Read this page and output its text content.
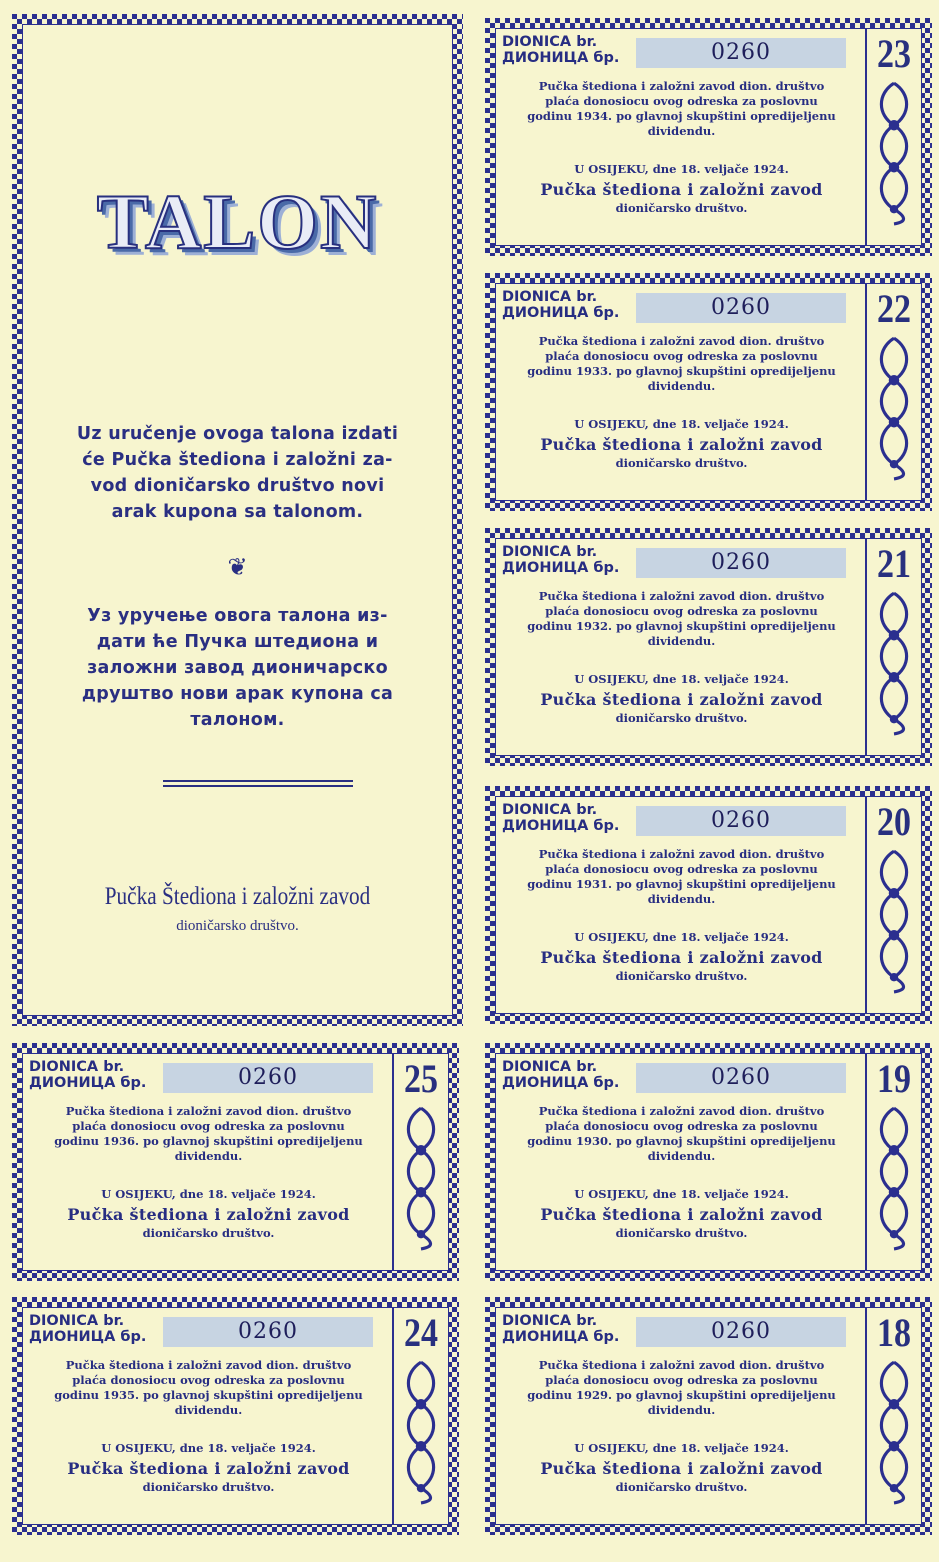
TALON
Uz uručenje ovoga talona izdati
će Pučka štediona i založni za-
vod dioničarsko društvo novi
arak kupona sa talonom.
❦
Уз уручење овога талона из-
дати ће Пучка штедиона и
заложни завод дионичарско
друштво нови арак купона са
талоном.
Pučka Štediona i založni zavod
dioničarsko društvo.
DIONICA br.
ДИОНИЦА бр.	0260
Pučka štediona i založni zavod dion. društvo
plaća donosiocu ovog odreska za poslovnu
godinu 1934. po glavnoj skupštini opredijeljenu
dividendu.
U OSIJEKU, dne 18. veljače 1924.
Pučka štediona i založni zavod
dioničarsko društvo.
23
DIONICA br.
ДИОНИЦА бр.	0260
Pučka štediona i založni zavod dion. društvo
plaća donosiocu ovog odreska za poslovnu
godinu 1933. po glavnoj skupštini opredijeljenu
dividendu.
U OSIJEKU, dne 18. veljače 1924.
Pučka štediona i založni zavod
dioničarsko društvo.
22
DIONICA br.
ДИОНИЦА бр.	0260
Pučka štediona i založni zavod dion. društvo
plaća donosiocu ovog odreska za poslovnu
godinu 1932. po glavnoj skupštini opredijeljenu
dividendu.
U OSIJEKU, dne 18. veljače 1924.
Pučka štediona i založni zavod
dioničarsko društvo.
21
DIONICA br.
ДИОНИЦА бр.	0260
Pučka štediona i založni zavod dion. društvo
plaća donosiocu ovog odreska za poslovnu
godinu 1931. po glavnoj skupštini opredijeljenu
dividendu.
U OSIJEKU, dne 18. veljače 1924.
Pučka štediona i založni zavod
dioničarsko društvo.
20
DIONICA br.
ДИОНИЦА бр.	0260
Pučka štediona i založni zavod dion. društvo
plaća donosiocu ovog odreska za poslovnu
godinu 1936. po glavnoj skupštini opredijeljenu
dividendu.
U OSIJEKU, dne 18. veljače 1924.
Pučka štediona i založni zavod
dioničarsko društvo.
25	DIONICA br.
ДИОНИЦА бр.	0260
Pučka štediona i založni zavod dion. društvo
plaća donosiocu ovog odreska za poslovnu
godinu 1930. po glavnoj skupštini opredijeljenu
dividendu.
U OSIJEKU, dne 18. veljače 1924.
Pučka štediona i založni zavod
dioničarsko društvo.
19
DIONICA br.
ДИОНИЦА бр.	0260
Pučka štediona i založni zavod dion. društvo
plaća donosiocu ovog odreska za poslovnu
godinu 1935. po glavnoj skupštini opredijeljenu
dividendu.
U OSIJEKU, dne 18. veljače 1924.
Pučka štediona i založni zavod
dioničarsko društvo.
24	DIONICA br.
ДИОНИЦА бр.	0260
Pučka štediona i založni zavod dion. društvo
plaća donosiocu ovog odreska za poslovnu
godinu 1929. po glavnoj skupštini opredijeljenu
dividendu.
U OSIJEKU, dne 18. veljače 1924.
Pučka štediona i založni zavod
dioničarsko društvo.
18
